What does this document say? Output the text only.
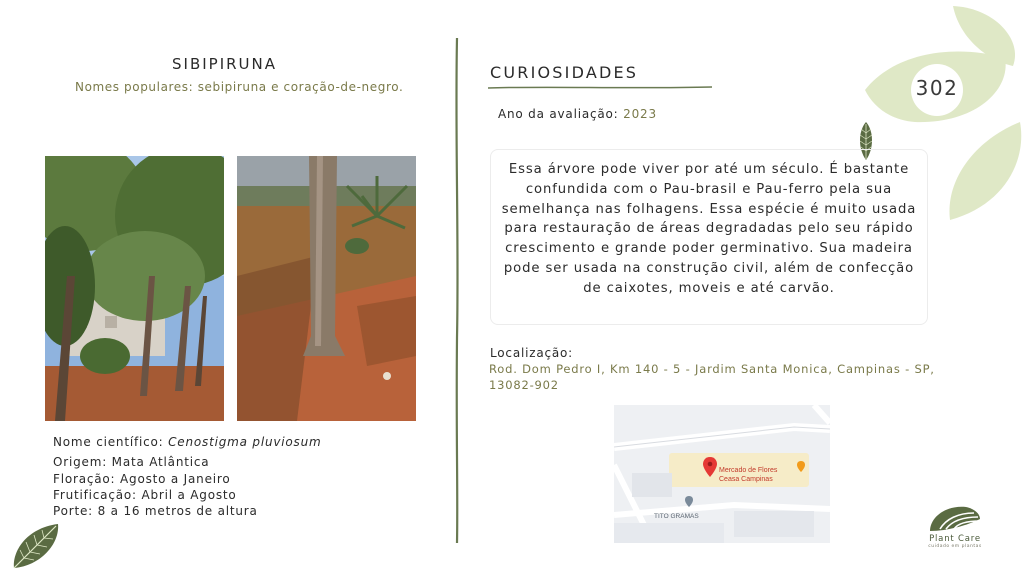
302
SIBIPIRUNA
Nomes populares: sebipiruna e coração-de-negro.
Nome científico: Cenostigma pluviosum
Origem: Mata Atlântica
Floração: Agosto a Janeiro
Frutificação: Abril a Agosto
Porte: 8 a 16 metros de altura
CURIOSIDADES
Ano da avaliação: 2023
Essa árvore pode viver por até um século. É bastante confundida com o Pau-brasil e Pau-ferro pela sua semelhança nas folhagens. Essa espécie é muito usada para restauração de áreas degradadas pelo seu rápido crescimento e grande poder germinativo. Sua madeira pode ser usada na construção civil, além de confecção de caixotes, moveis e até carvão.
Localização:
Rod. Dom Pedro I, Km 140 - 5 - Jardim Santa Monica, Campinas - SP, 13082-902
Mercado de Flores
Ceasa Campinas
TITO GRAMAS
Plant Care
cuidado em plantas
